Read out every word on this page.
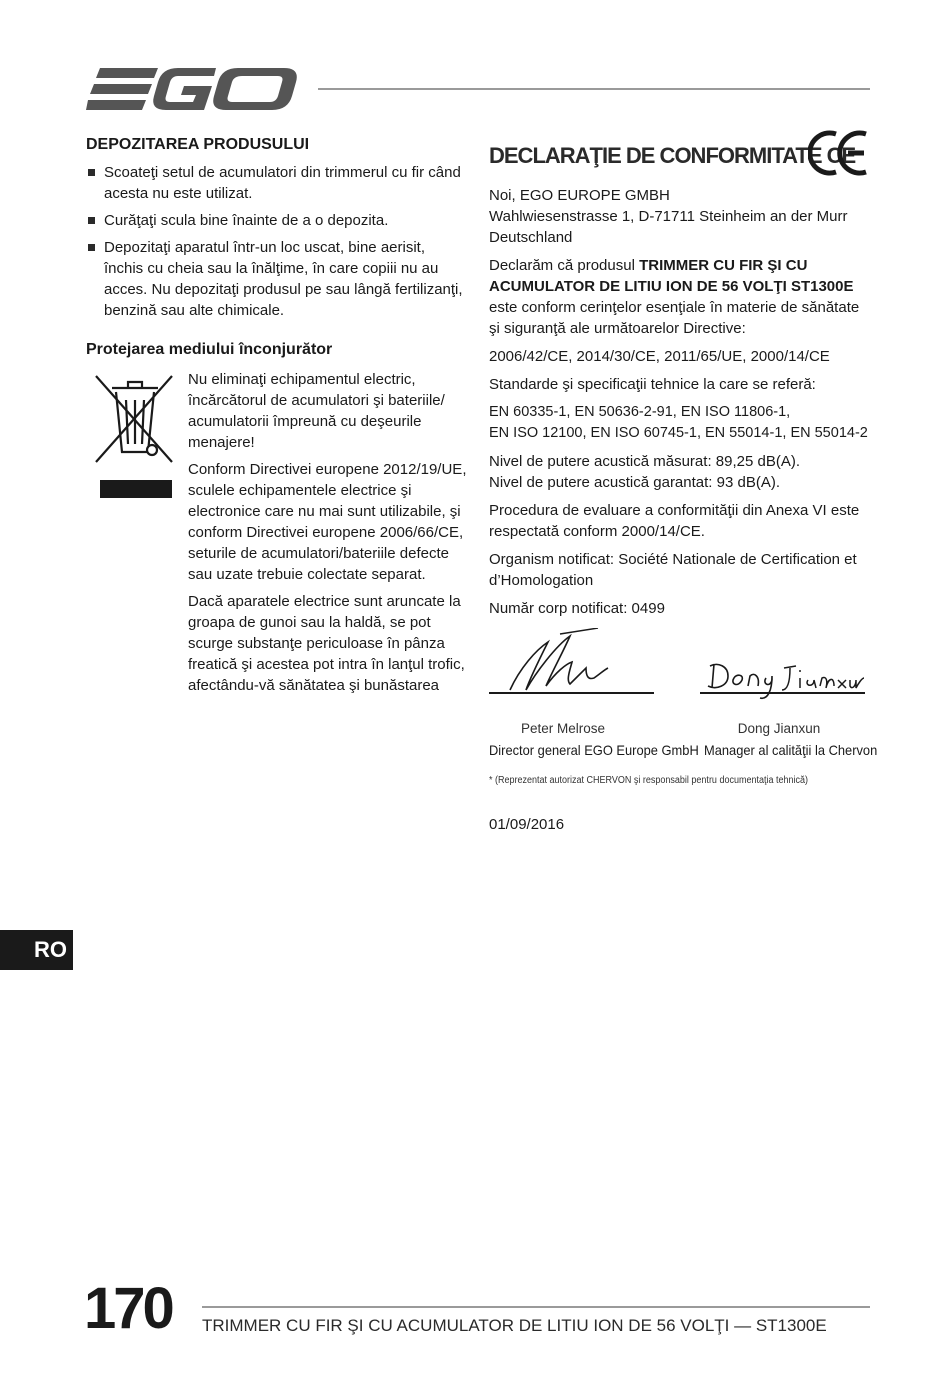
DEPOZITAREA PRODUSULUI
Scoateţi setul de acumulatori din trimmerul cu fir când acesta nu este utilizat.
Curăţaţi scula bine înainte de a o depozita.
Depozitaţi aparatul într-un loc uscat, bine aerisit, închis cu cheia sau la înălţime, în care copiii nu au acces. Nu depozitaţi produsul pe sau lângă fertilizanţi, benzină sau alte chimicale.
Protejarea mediului înconjurător

Nu eliminaţi echipamentul electric, încărcătorul de acumulatori şi bateriile/ acumulatorii împreună cu deşeurile menajere!

Conform Directivei europene 2012/19/UE, sculele echipamentele electrice şi electronice care nu mai sunt utilizabile, şi conform Directivei europene 2006/66/CE, seturile de acumulatori/bateriile defecte sau uzate trebuie colectate separat.

Dacă aparatele electrice sunt aruncate la groapa de gunoi sau la haldă, se pot scurge substanţe periculoase în pânza freatică şi acestea pot intra în lanţul trofic, afectându-vă sănătatea şi bunăstarea

DECLARAŢIE DE CONFORMITATE CE

Noi, EGO EUROPE GMBH
Wahlwiesenstrasse 1, D-71711 Steinheim an der Murr
Deutschland

Declarăm că produsul TRIMMER CU FIR ŞI CU ACUMULATOR DE LITIU ION DE 56 VOLŢI ST1300E este conform cerinţelor esenţiale în materie de sănătate şi siguranţă ale următoarelor Directive:

2006/42/CE, 2014/30/CE, 2011/65/UE, 2000/14/CE

Standarde şi specificaţii tehnice la care se referă:

EN 60335-1, EN 50636-2-91, EN ISO 11806-1,
EN ISO 12100, EN ISO 60745-1, EN 55014-1, EN 55014-2

Nivel de putere acustică măsurat: 89,25 dB(A).
Nivel de putere acustică garantat: 93 dB(A).

Procedura de evaluare a conformităţii din Anexa VI este respectată conform 2000/14/CE.

Organism notificat: Société Nationale de Certification et d’Homologation

Număr corp notificat: 0499

Peter Melrose
Director general EGO Europe GmbH
Dong Jianxun
Manager al calităţii la Chervon
* (Reprezentat autorizat CHERVON şi responsabil pentru documentaţia tehnică)
01/09/2016
RO
170 TRIMMER CU FIR ŞI CU ACUMULATOR DE LITIU ION DE 56 VOLŢI — ST1300E
